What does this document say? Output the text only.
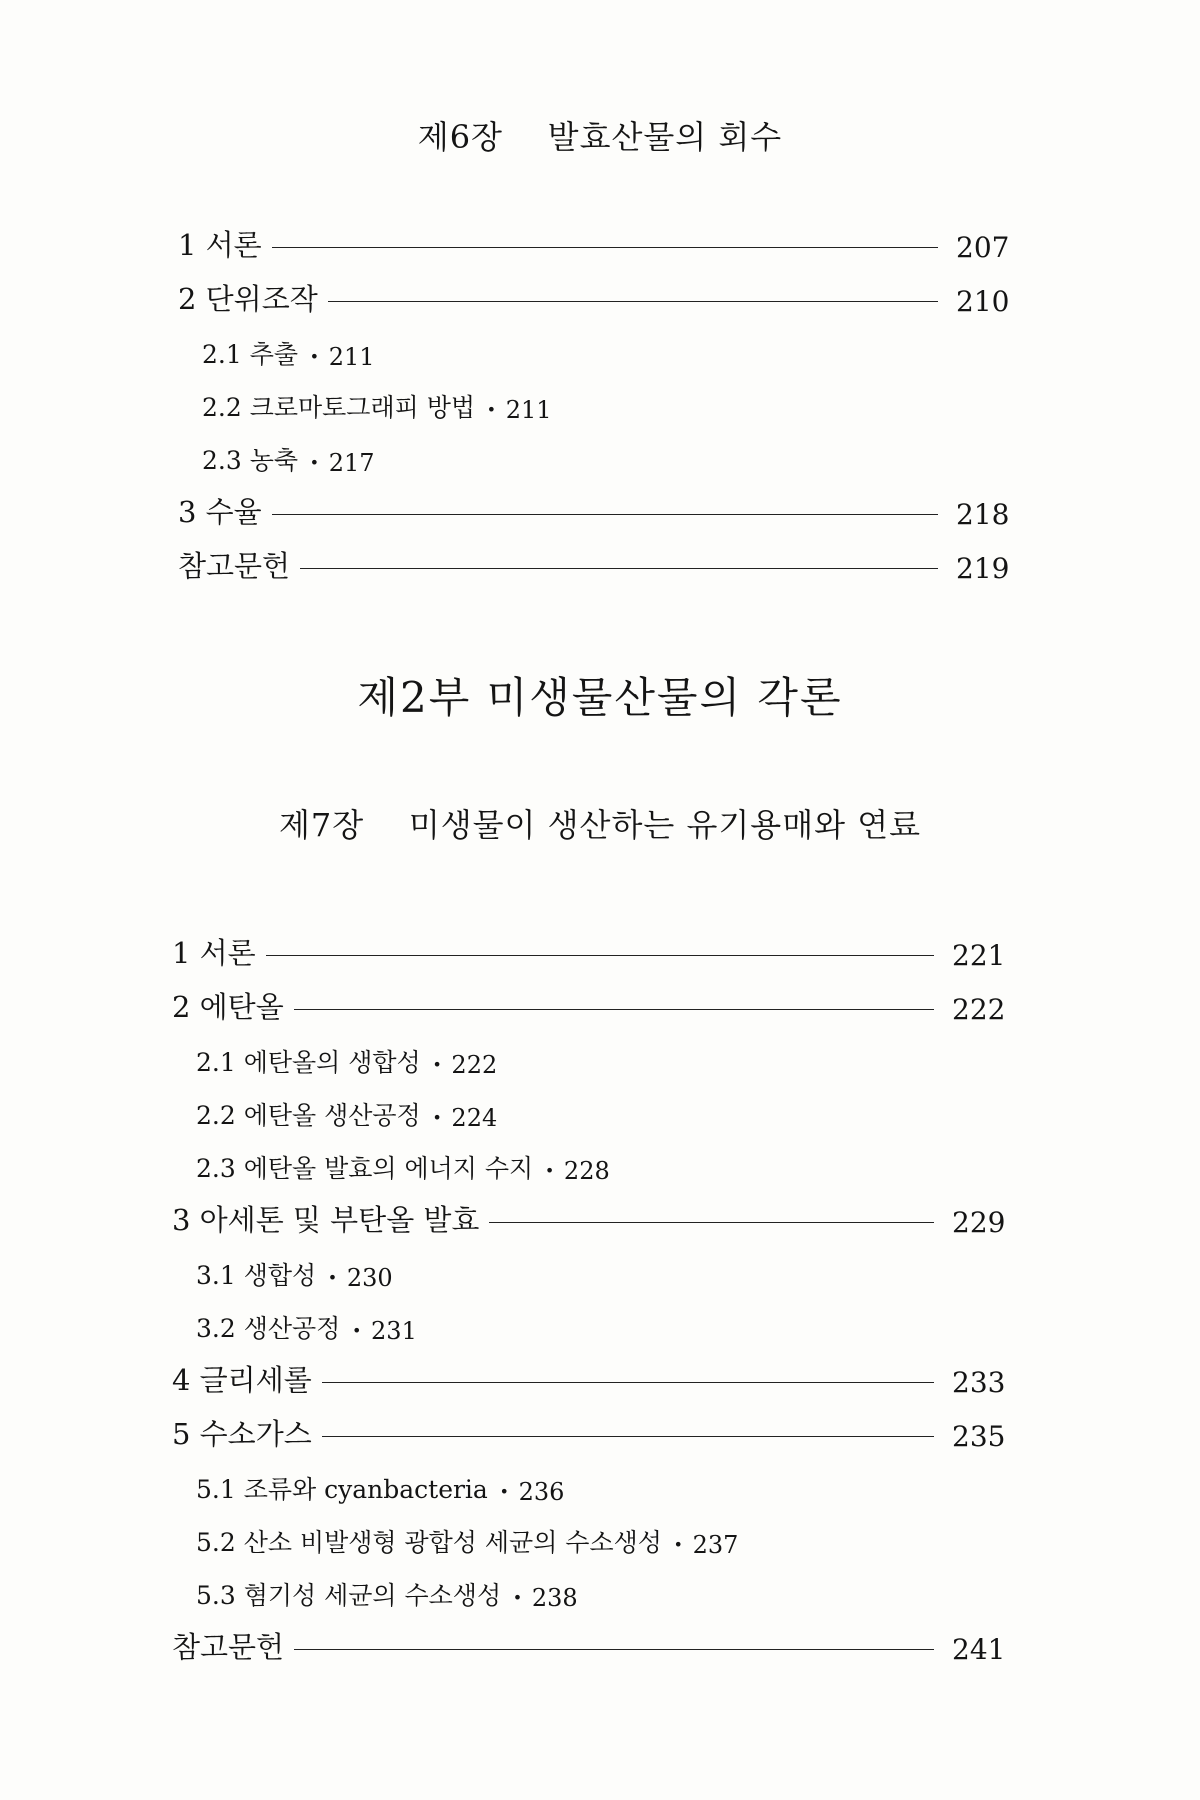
제6장    발효산물의 회수
1 서론	207
2 단위조작	210
2.1 추출 · 211
2.2 크로마토그래피 방법 · 211
2.3 농축 · 217
3 수율	218
참고문헌	219
제2부 미생물산물의 각론
제7장    미생물이 생산하는 유기용매와 연료
1 서론	221
2 에탄올	222
2.1 에탄올의 생합성 · 222
2.2 에탄올 생산공정 · 224
2.3 에탄올 발효의 에너지 수지 · 228
3 아세톤 및 부탄올 발효	229
3.1 생합성 · 230
3.2 생산공정 · 231
4 글리세롤	233
5 수소가스	235
5.1 조류와 cyanbacteria · 236
5.2 산소 비발생형 광합성 세균의 수소생성 · 237
5.3 혐기성 세균의 수소생성 · 238
참고문헌	241
